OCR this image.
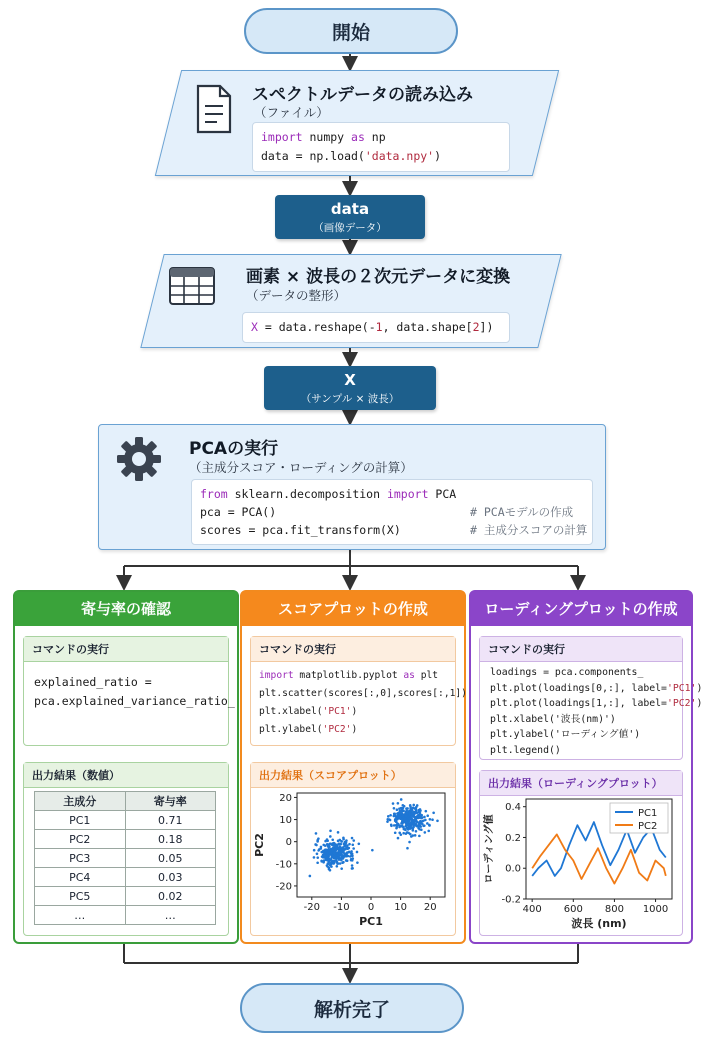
開始
スペクトルデータの読み込み
（ファイル）
import numpy as np
data = np.load('data.npy')
data
（画像データ）
画素 × 波長の２次元データに変換
（データの整形）
X = data.reshape(-1, data.shape[2])
X
（サンプル × 波長）
PCAの実行
（主成分スコア・ローディングの計算）
from sklearn.decomposition import PCA
pca = PCA()                            # PCAモデルの作成
scores = pca.fit_transform(X)          # 主成分スコアの計算
寄与率の確認
コマンドの実行
explained_ratio =
pca.explained_variance_ratio_
出力結果（数値）
主成分	寄与率
PC1	0.71
PC2	0.18
PC3	0.05
PC4	0.03
PC5	0.02
…	…
スコアプロットの作成
コマンドの実行
import matplotlib.pyplot as plt
plt.scatter(scores[:,0],scores[:,1])
plt.xlabel('PC1')
plt.ylabel('PC2')
出力結果（スコアプロット）
-20 -10 0 10 20
-20
-10
0
10
20
PC1
PC2
ローディングプロットの作成
コマンドの実行
loadings = pca.components_
plt.plot(loadings[0,:], label='PC1')
plt.plot(loadings[1,:], label='PC2')
plt.xlabel('波長(nm)')
plt.ylabel('ローディング値')
plt.legend()
出力結果（ローディングプロット）
400 600 800 1000
-0.2
0.0
0.2
0.4
波長 (nm)
ローディング値
PC1
PC2
解析完了
